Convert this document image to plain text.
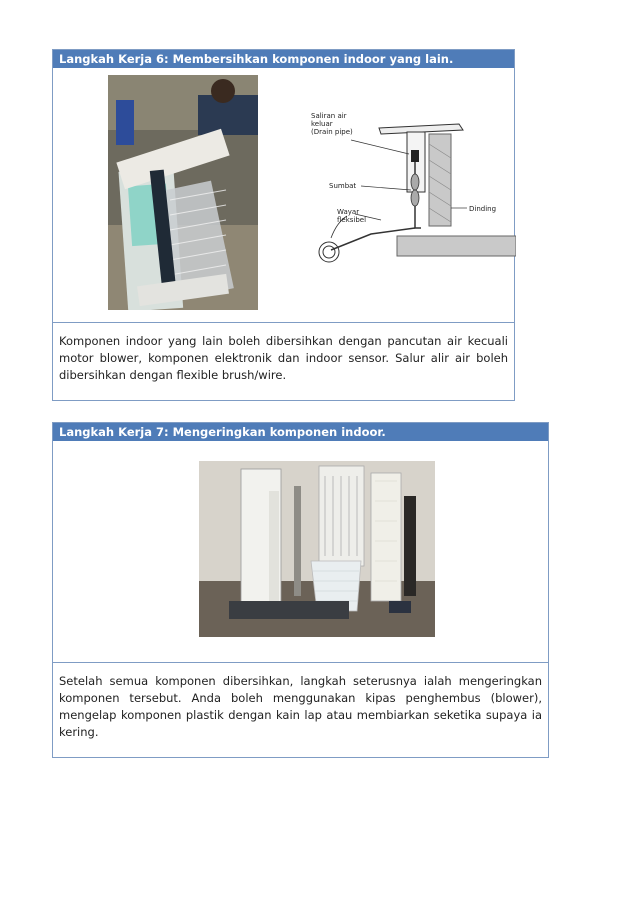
Langkah Kerja 6: Membersihkan komponen indoor yang lain.
Saliran air
keluar
(Drain pipe)
Sumbat
Wayar
fleksibel
Dinding
Komponen indoor yang lain boleh dibersihkan dengan pancutan air kecuali motor blower, komponen elektronik dan indoor sensor. Salur alir air boleh dibersihkan dengan flexible brush/wire.
Langkah Kerja 7: Mengeringkan komponen indoor.
Setelah semua komponen dibersihkan, langkah seterusnya ialah mengeringkan komponen tersebut. Anda boleh menggunakan kipas penghembus (blower), mengelap komponen plastik dengan kain lap atau membiarkan seketika supaya ia kering.
